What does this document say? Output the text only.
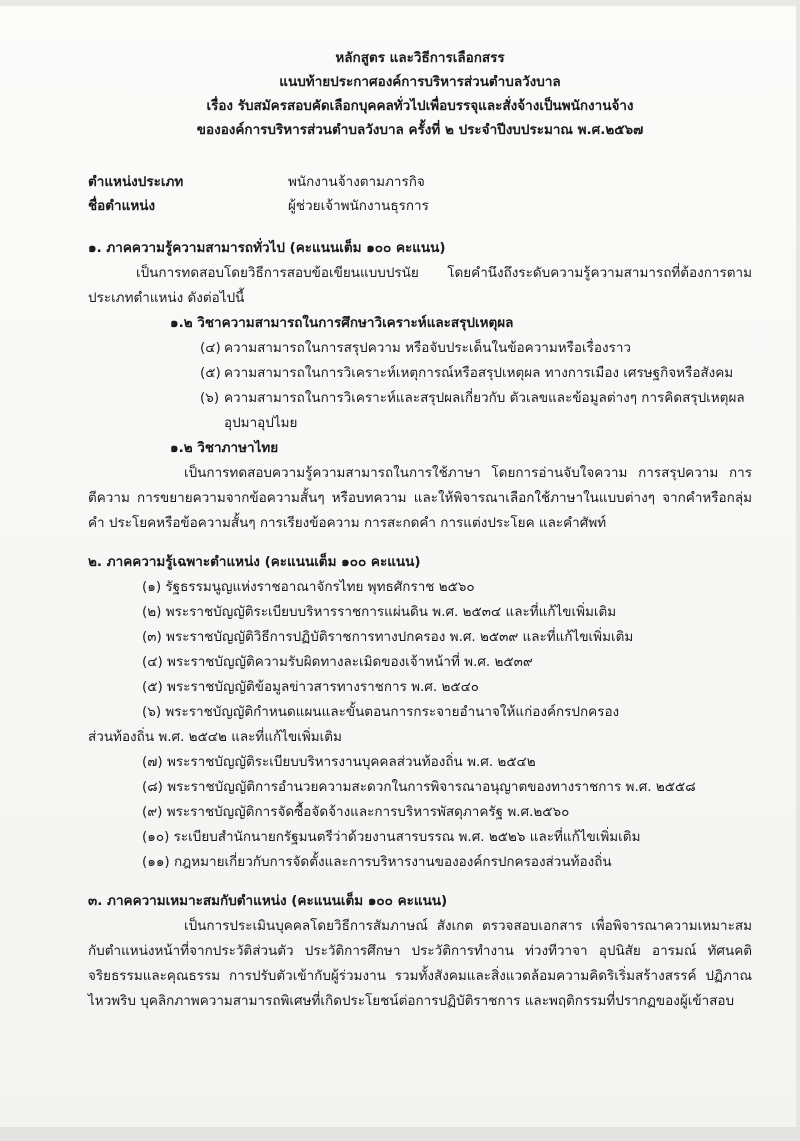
หลักสูตร และวิธีการเลือกสรร
แนบท้ายประกาศองค์การบริหารส่วนตำบลวังบาล
เรื่อง รับสมัครสอบคัดเลือกบุคคลทั่วไปเพื่อบรรจุและสั่งจ้างเป็นพนักงานจ้าง
ขององค์การบริหารส่วนตำบลวังบาล ครั้งที่ ๒ ประจำปีงบประมาณ พ.ศ.๒๕๖๗
ตำแหน่งประเภท	พนักงานจ้างตามภารกิจ
ชื่อตำแหน่ง	ผู้ช่วยเจ้าพนักงานธุรการ
๑. ภาคความรู้ความสามารถทั่วไป (คะแนนเต็ม ๑๐๐ คะแนน)
เป็นการทดสอบโดยวิธีการสอบข้อเขียนแบบปรนัย โดยคำนึงถึงระดับความรู้ความสามารถที่ต้องการตามประเภทตำแหน่ง ดังต่อไปนี้
๑.๒ วิชาความสามารถในการศึกษาวิเคราะห์และสรุปเหตุผล
(๔) ความสามารถในการสรุปความ หรือจับประเด็นในข้อความหรือเรื่องราว
(๕) ความสามารถในการวิเคราะห์เหตุการณ์หรือสรุปเหตุผล ทางการเมือง เศรษฐกิจหรือสังคม
(๖) ความสามารถในการวิเคราะห์และสรุปผลเกี่ยวกับ ตัวเลขและข้อมูลต่างๆ การคิดสรุปเหตุผลอุปมาอุปไมย
๑.๒ วิชาภาษาไทย
เป็นการทดสอบความรู้ความสามารถในการใช้ภาษา โดยการอ่านจับใจความ การสรุปความ การตีความ การขยายความจากข้อความสั้นๆ หรือบทความ และให้พิจารณาเลือกใช้ภาษาในแบบต่างๆ จากคำหรือกลุ่มคำ ประโยคหรือข้อความสั้นๆ การเรียงข้อความ การสะกดคำ การแต่งประโยค และคำศัพท์
๒. ภาคความรู้เฉพาะตำแหน่ง (คะแนนเต็ม ๑๐๐ คะแนน)
(๑) รัฐธรรมนูญแห่งราชอาณาจักรไทย พุทธศักราช ๒๕๖๐
(๒) พระราชบัญญัติระเบียบบริหารราชการแผ่นดิน พ.ศ. ๒๕๓๔ และที่แก้ไขเพิ่มเติม
(๓) พระราชบัญญัติวิธีการปฏิบัติราชการทางปกครอง พ.ศ. ๒๕๓๙ และที่แก้ไขเพิ่มเติม
(๔) พระราชบัญญัติความรับผิดทางละเมิดของเจ้าหน้าที่ พ.ศ. ๒๕๓๙
(๕) พระราชบัญญัติข้อมูลข่าวสารทางราชการ พ.ศ. ๒๕๔๐
(๖) พระราชบัญญัติกำหนดแผนและขั้นตอนการกระจายอำนาจให้แก่องค์กรปกครอง
ส่วนท้องถิ่น พ.ศ. ๒๕๔๒ และที่แก้ไขเพิ่มเติม
(๗) พระราชบัญญัติระเบียบบริหารงานบุคคลส่วนท้องถิ่น พ.ศ. ๒๕๔๒
(๘) พระราชบัญญัติการอำนวยความสะดวกในการพิจารณาอนุญาตของทางราชการ พ.ศ. ๒๕๕๘
(๙) พระราชบัญญัติการจัดซื้อจัดจ้างและการบริหารพัสดุภาครัฐ พ.ศ.๒๕๖๐
(๑๐) ระเบียบสำนักนายกรัฐมนตรีว่าด้วยงานสารบรรณ พ.ศ. ๒๕๒๖ และที่แก้ไขเพิ่มเติม
(๑๑) กฎหมายเกี่ยวกับการจัดตั้งและการบริหารงานขององค์กรปกครองส่วนท้องถิ่น
๓. ภาคความเหมาะสมกับตำแหน่ง (คะแนนเต็ม ๑๐๐ คะแนน)
เป็นการประเมินบุคคลโดยวิธีการสัมภาษณ์ สังเกต ตรวจสอบเอกสาร เพื่อพิจารณาความเหมาะสมกับตำแหน่งหน้าที่จากประวัติส่วนตัว ประวัติการศึกษา ประวัติการทำงาน ท่วงทีวาจา อุปนิสัย อารมณ์ ทัศนคติ จริยธรรมและคุณธรรม การปรับตัวเข้ากับผู้ร่วมงาน รวมทั้งสังคมและสิ่งแวดล้อมความคิดริเริ่มสร้างสรรค์ ปฏิภาณไหวพริบ บุคลิกภาพความสามารถพิเศษที่เกิดประโยชน์ต่อการปฏิบัติราชการ และพฤติกรรมที่ปรากฏของผู้เข้าสอบ
